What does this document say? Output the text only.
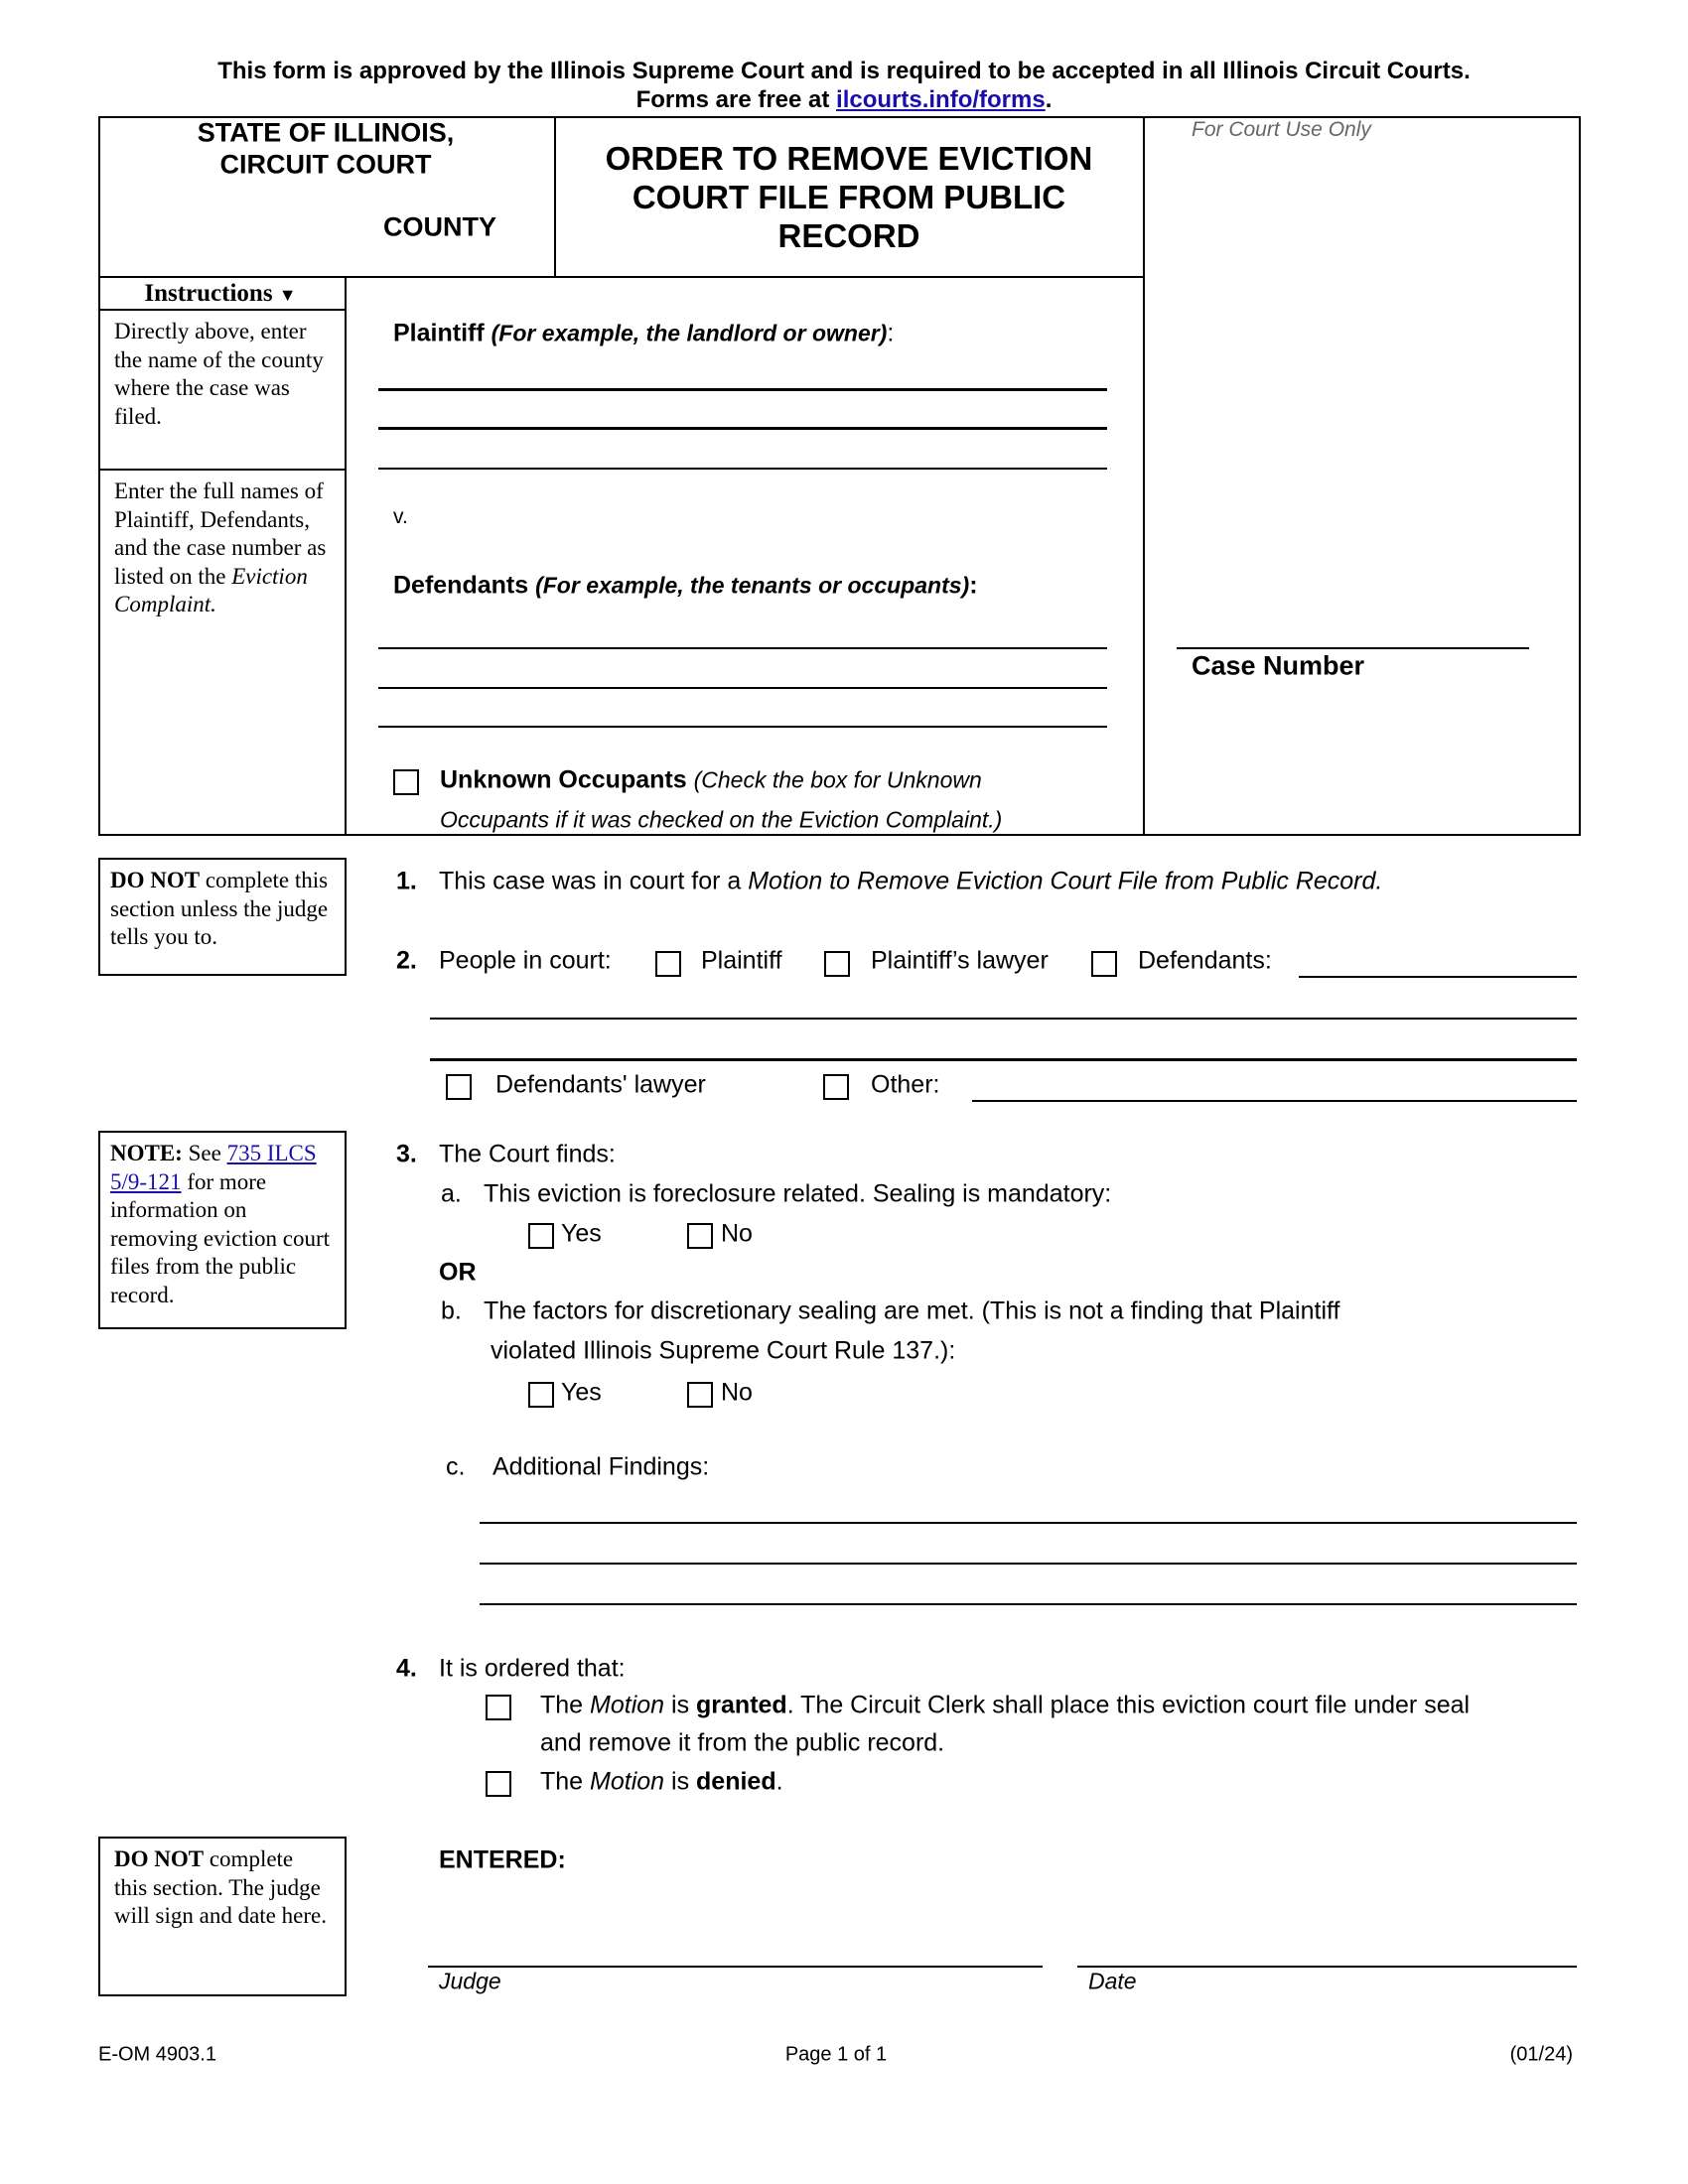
This form is approved by the Illinois Supreme Court and is required to be accepted in all Illinois Circuit Courts.
Forms are free at ilcourts.info/forms.
STATE OF ILLINOIS,
CIRCUIT COURT
COUNTY
ORDER TO REMOVE EVICTION COURT FILE FROM PUBLIC RECORD
For Court Use Only
Case Number
Instructions ▼
Directly above, enter the name of the county where the case was filed.
Enter the full names of Plaintiff, Defendants, and the case number as listed on the Eviction Complaint.
Plaintiff (For example, the landlord or owner):
v.
Defendants (For example, the tenants or occupants):
Unknown Occupants (Check the box for Unknown
Occupants if it was checked on the Eviction Complaint.)
DO NOT complete this section unless the judge tells you to.
NOTE: See 735 ILCS 5/9-121 for more information on removing eviction court files from the public record.
DO NOT complete this section. The judge will sign and date here.
1. This case was in court for a Motion to Remove Eviction Court File from Public Record.
2. People in court:	Plaintiff	Plaintiff’s lawyer	Defendants:
Defendants' lawyer	Other:
3. The Court finds:
a. This eviction is foreclosure related. Sealing is mandatory:
Yes	No
OR
b. The factors for discretionary sealing are met. (This is not a finding that Plaintiff
violated Illinois Supreme Court Rule 137.):
Yes	No
c. Additional Findings:
4. It is ordered that:
The Motion is granted. The Circuit Clerk shall place this eviction court file under seal
and remove it from the public record.
The Motion is denied.
ENTERED:
Judge	Date
E-OM 4903.1	Page 1 of 1	(01/24)
